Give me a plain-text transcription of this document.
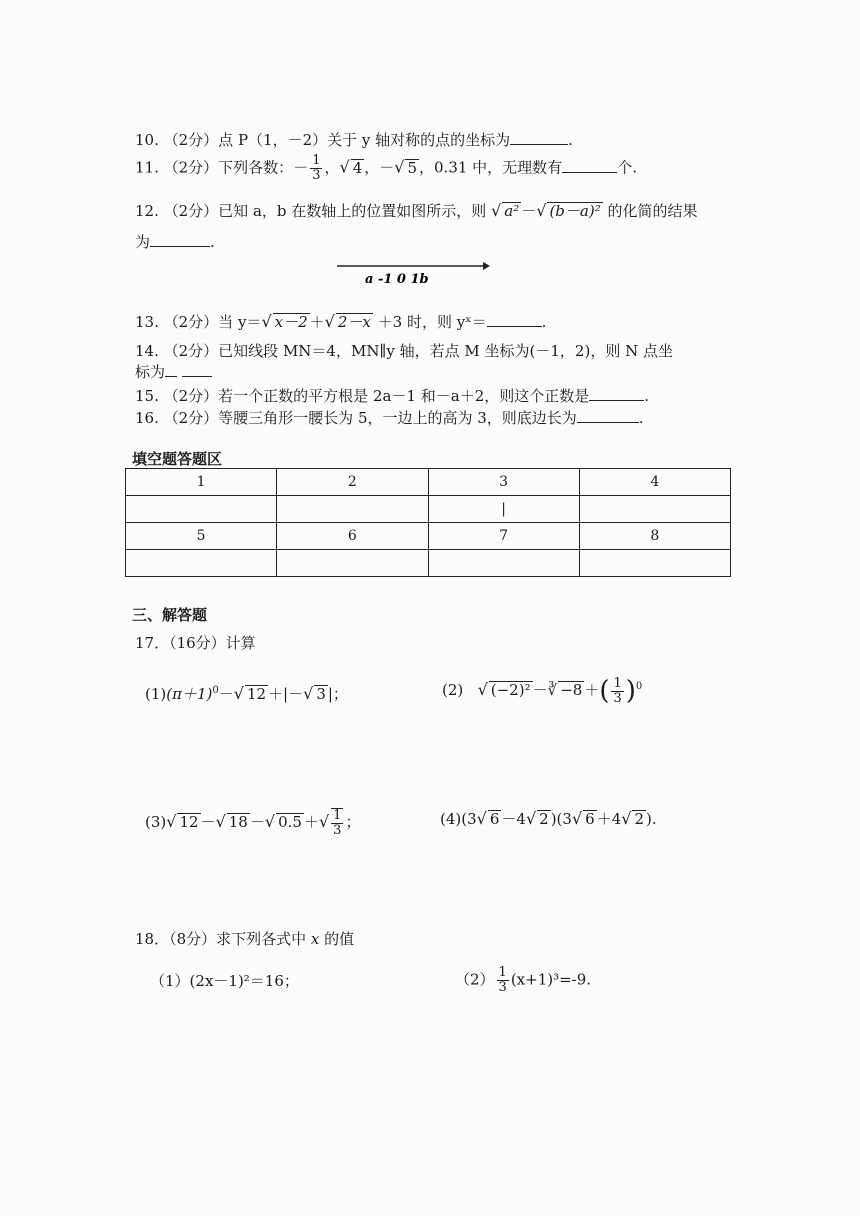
10. （2分）点 P（1，－2）关于 y 轴对称的点的坐标为	.
11. （2分）下列各数：－ $\frac{1}{3}$ ，√ 4 ，－√ 5 ，0.31 中，无理数有	个.
12. （2分）已知 a，b 在数轴上的位置如图所示，则 √ a² －√ (b－a)² 的化简的结果
为	.
a -1 0 1b
13. （2分）当 y＝√ x－2 ＋√ 2－x ＋3 时，则 yˣ＝	.
14. （2分）已知线段 MN＝4，MN∥y 轴，若点 M 坐标为(－1，2)，则 N 点坐
标为
15. （2分）若一个正数的平方根是 2a－1 和－a＋2，则这个正数是	.
16. （2分）等腰三角形一腰长为 5，一边上的高为 3，则底边长为	.
填空题答题区
1	2	3	4
		|	
5	6	7	8

三、解答题
17．（16分）计算
$(1)(\pi+1)^0-√$ 12 ＋|－√ 3 |；	(2) √ (−2)² －∛ −8 ＋( $\frac{1}{3} )^0$
(3)√ 12 －√ 18 －√ 0.5 ＋√ $\frac{1}{3}$ ；	(4)(3√ 6 －4√ 2 )(3√ 6 ＋4√ 2 ).
18．（8分）求下列各式中 x 的值
（1）(2x－1)²＝16；	$(2) \frac{1}{3} (x+1)^3=-9$.
